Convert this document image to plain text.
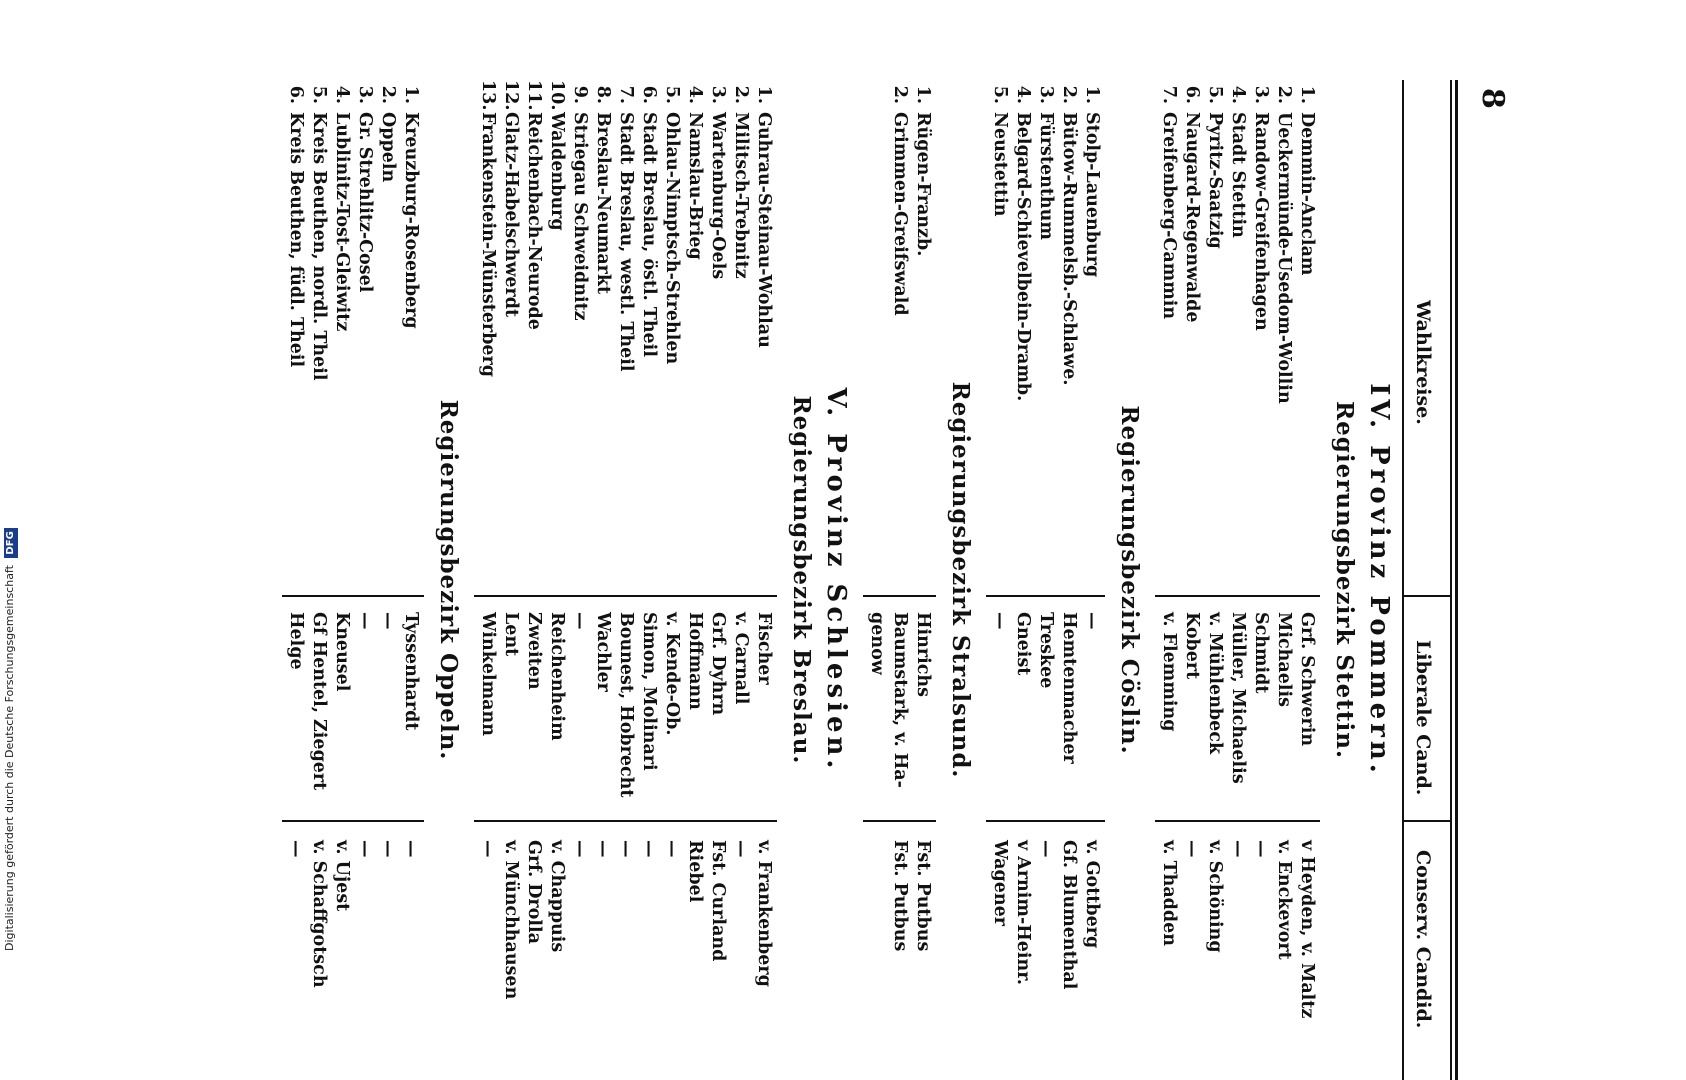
8
Wahlkreise.
Liberale Cand.
Conserv. Candid.
IV. Provinz Pommern.
Regierungsbezirk Stettin.
1.
Demmin-Anclam
Grf. Schwerin
v Heyden, v. Maltz
2.
Ueckermünde-Usedom-Wollin
Michaelis
v. Enckevort
3.
Randow-Greifenhagen
Schmidt
—
4.
Stadt Stettin
Müller, Michaelis
—
5.
Pyritz-Saatzig
v. Mühlenbeck
v. Schöning
6.
Naugard-Regenwalde
Kobert
—
7.
Greifenberg-Cammin
v. Flemming
v. Thadden
Regierungsbezirk Cöslin.
1.
Stolp-Lauenburg
—
v. Gottberg
2.
Bütow-Rummelsb.-Schlawe.
Hemtenmacher
Gf. Blumenthal
3.
Fürstenthum
Treskee
—
4.
Belgard-Schievelbein-Dramb.
Gneist
v Arnim-Heinr.
5.
Neustettin
—
Wagener
Regierungsbezirk Stralsund.
1.
Rügen-Franzb.
Hinrichs
Fst. Putbus
2.
Grimmen-Greifswald
Baumstark, v. Ha-
Fst. Putbus
genow
V. Provinz Schlesien.
Regierungsbezirk Breslau.
1.
Guhrau-Steinau-Wohlau
Fischer
v. Frankenberg
2.
Militsch-Trebnitz
v. Carnall
—
3.
Wartenburg-Oels
Grf. Dyhrn
Fst. Curland
4.
Namslau-Brieg
Hoffmann
Riebel
5.
Ohlau-Nimptsch-Strehlen
v. Kende-Ob.
—
6.
Stadt Breslau, östl. Theil
Simon, Molinari
—
7.
Stadt Breslau, westl. Theil
Bounest, Hobrecht
—
8.
Breslau-Neumarkt
Wachler
—
9.
Striegau Schweidnitz
—
—
10.
Waldenburg
Reichenheim
v. Chappuis
11.
Reichenbach-Neurode
Zweiten
Grf. Drolla
12.
Glatz-Habelschwerdt
Lent
v. Münchhausen
13.
Frankenstein-Münsterberg
Winkelmann
—
Regierungsbezirk Oppeln.
1.
Kreuzburg-Rosenberg
Tyssenhardt
—
2.
Oppeln
—
—
3.
Gr. Strehlitz-Cosel
—
—
4.
Lublinitz-Tost-Gleiwitz
Kneusel
v. Ujest
5.
Kreis Beuthen, nordl. Theil
Gf Hentel, Ziegert
v. Schaffgotsch
6.
Kreis Beuthen, füdl. Theil
Helge
—
Digitalisierung gefördert durch die Deutsche Forschungsgemeinschaft DFG
